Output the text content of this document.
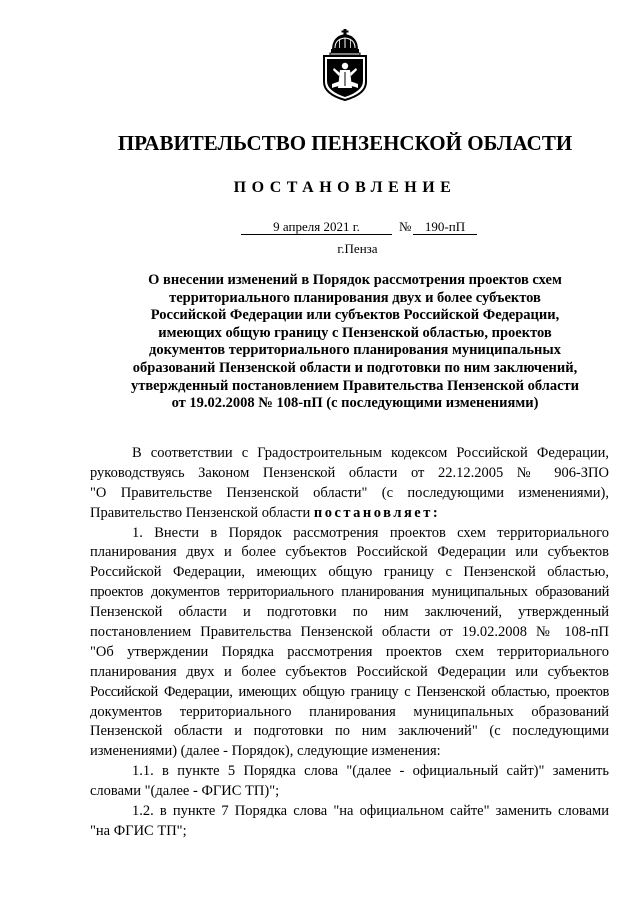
ПРАВИТЕЛЬСТВО ПЕНЗЕНСКОЙ ОБЛАСТИ
ПОСТАНОВЛЕНИЕ
9 апреля 2021 г.	№	190-пП
г.Пенза
О внесении изменений в Порядок рассмотрения проектов схем
территориального планирования двух и более субъектов
Российской Федерации или субъектов Российской Федерации,
имеющих общую границу с Пензенской областью, проектов
документов территориального планирования муниципальных
образований Пензенской области и подготовки по ним заключений,
утвержденный постановлением Правительства Пензенской области
от 19.02.2008 № 108-пП (с последующими изменениями)
В соответствии с Градостроительным кодексом Российской Федерации,
руководствуясь Законом Пензенской области от 22.12.2005 № 906-ЗПО
"О Правительстве Пензенской области" (с последующими изменениями),
Правительство Пензенской области постановляет:
1. Внести в Порядок рассмотрения проектов схем территориального
планирования двух и более субъектов Российской Федерации или субъектов
Российской Федерации, имеющих общую границу с Пензенской областью,
проектов документов территориального планирования муниципальных образований
Пензенской области и подготовки по ним заключений, утвержденный
постановлением Правительства Пензенской области от 19.02.2008 № 108-пП
"Об утверждении Порядка рассмотрения проектов схем территориального
планирования двух и более субъектов Российской Федерации или субъектов
Российской Федерации, имеющих общую границу с Пензенской областью, проектов
документов территориального планирования муниципальных образований
Пензенской области и подготовки по ним заключений" (с последующими
изменениями) (далее - Порядок), следующие изменения:
1.1. в пункте 5 Порядка слова "(далее - официальный сайт)" заменить
словами "(далее - ФГИС ТП)";
1.2. в пункте 7 Порядка слова "на официальном сайте" заменить словами
"на ФГИС ТП";
